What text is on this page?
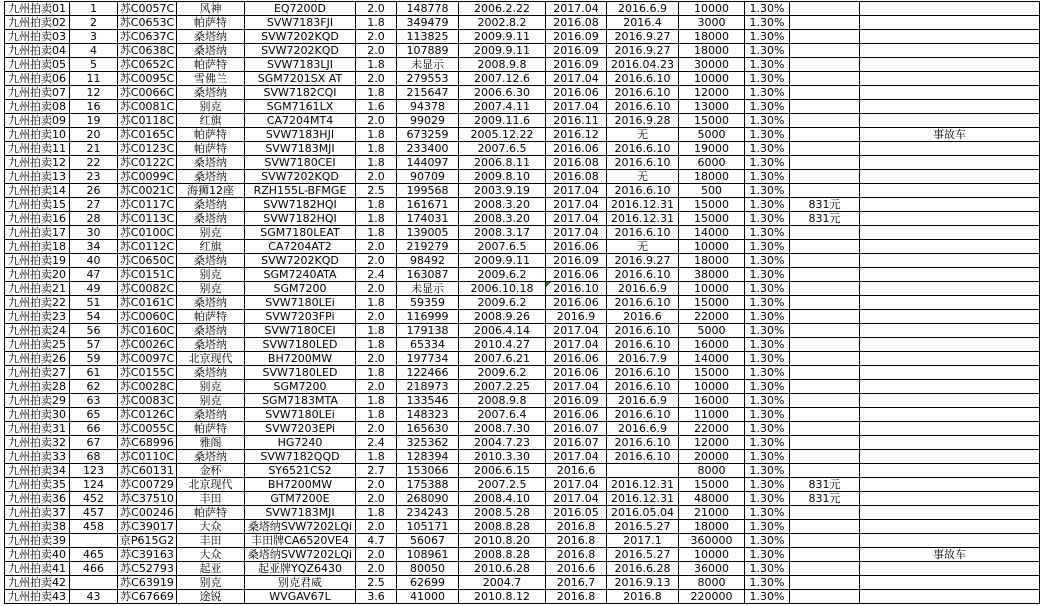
九州拍卖01	1	苏C0057C	风神	EQ7200D	2.0	148778	2006.2.22	2017.04	2016.6.9	10000	1.30%		
九州拍卖02	2	苏C0653C	帕萨特	SVW7183FJI	1.8	349479	2002.8.2	2016.08	2016.4	3000	1.30%		
九州拍卖03	3	苏C0637C	桑塔纳	SVW7202KQD	2.0	113825	2009.9.11	2016.09	2016.9.27	18000	1.30%		
九州拍卖04	4	苏C0638C	桑塔纳	SVW7202KQD	2.0	107889	2009.9.11	2016.09	2016.9.27	18000	1.30%		
九州拍卖05	5	苏C0652C	帕萨特	SVW7183LJI	1.8	未显示	2008.9.8	2016.09	2016.04.23	30000	1.30%		
九州拍卖06	11	苏C0095C	雪佛兰	SGM7201SX AT	2.0	279553	2007.12.6	2017.04	2016.6.10	10000	1.30%		
九州拍卖07	12	苏C0066C	桑塔纳	SVW7182CQI	1.8	215647	2006.6.30	2016.06	2016.6.10	12000	1.30%		
九州拍卖08	16	苏C0081C	别克	SGM7161LX	1.6	94378	2007.4.11	2017.04	2016.6.10	13000	1.30%		
九州拍卖09	19	苏C0118C	红旗	CA7204MT4	2.0	99029	2009.11.6	2016.11	2016.9.28	15000	1.30%		
九州拍卖10	20	苏C0165C	帕萨特	SVW7183HJI	1.8	673259	2005.12.22	2016.12	无	5000	1.30%		事故车
九州拍卖11	21	苏C0123C	帕萨特	SVW7183MJI	1.8	233400	2007.6.5	2016.06	2016.6.10	19000	1.30%		
九州拍卖12	22	苏C0122C	桑塔纳	SVW7180CEI	1.8	144097	2006.8.11	2016.08	2016.6.10	6000	1.30%		
九州拍卖13	23	苏C0099C	桑塔纳	SVW7202KQD	2.0	90709	2009.8.10	2016.08	无	18000	1.30%		
九州拍卖14	26	苏C0021C	海狮12座	RZH155L-BFMGE	2.5	199568	2003.9.19	2017.04	2016.6.10	500	1.30%		
九州拍卖15	27	苏C0117C	桑塔纳	SVW7182HQI	1.8	161671	2008.3.20	2017.04	2016.12.31	15000	1.30%	831元	
九州拍卖16	28	苏C0113C	桑塔纳	SVW7182HQI	1.8	174031	2008.3.20	2017.04	2016.12.31	15000	1.30%	831元	
九州拍卖17	30	苏C0100C	别克	SGM7180LEAT	1.8	139005	2008.3.17	2017.04	2016.6.10	14000	1.30%		
九州拍卖18	34	苏C0112C	红旗	CA7204AT2	2.0	219279	2007.6.5	2016.06	无	10000	1.30%		
九州拍卖19	40	苏C0650C	桑塔纳	SVW7202KQD	2.0	98492	2009.9.11	2016.09	2016.9.27	18000	1.30%		
九州拍卖20	47	苏C0151C	别克	SGM7240ATA	2.4	163087	2009.6.2	2016.06	2016.6.10	38000	1.30%		
九州拍卖21	49	苏C0082C	别克	SGM7200	2.0	未显示	2006.10.18	2016.10	2016.6.9	10000	1.30%		
九州拍卖22	51	苏C0161C	桑塔纳	SVW7180LEi	1.8	59359	2009.6.2	2016.06	2016.6.10	15000	1.30%		
九州拍卖23	54	苏C0060C	帕萨特	SVW7203FPi	2.0	116999	2008.9.26	2016.9	2016.6	22000	1.30%		
九州拍卖24	56	苏C0160C	桑塔纳	SVW7180CEI	1.8	179138	2006.4.14	2017.04	2016.6.10	5000	1.30%		
九州拍卖25	57	苏C0026C	桑塔纳	SVW7180LED	1.8	65334	2010.4.27	2017.04	2016.6.10	16000	1.30%		
九州拍卖26	59	苏C0097C	北京现代	BH7200MW	2.0	197734	2007.6.21	2016.06	2016.7.9	14000	1.30%		
九州拍卖27	61	苏C0155C	桑塔纳	SVW7180LED	1.8	122466	2009.6.2	2016.06	2016.6.10	15000	1.30%		
九州拍卖28	62	苏C0028C	别克	SGM7200	2.0	218973	2007.2.25	2017.04	2016.6.10	10000	1.30%		
九州拍卖29	63	苏C0083C	别克	SGM7183MTA	1.8	133546	2008.9.8	2016.09	2016.6.9	16000	1.30%		
九州拍卖30	65	苏C0126C	桑塔纳	SVW7180LEi	1.8	148323	2007.6.4	2016.06	2016.6.10	11000	1.30%		
九州拍卖31	66	苏C0055C	帕萨特	SVW7203EPi	2.0	165630	2008.7.30	2016.07	2016.6.9	22000	1.30%		
九州拍卖32	67	苏C68996	雅阁	HG7240	2.4	325362	2004.7.23	2016.07	2016.6.10	12000	1.30%		
九州拍卖33	68	苏C0110C	桑塔纳	SVW7182QQD	1.8	128394	2010.3.30	2017.04	2016.6.10	20000	1.30%		
九州拍卖34	123	苏C60131	金杯	SY6521CS2	2.7	153066	2006.6.15	2016.6		8000	1.30%		
九州拍卖35	124	苏C00729	北京现代	BH7200MW	2.0	175388	2007.2.5	2017.04	2016.12.31	15000	1.30%	831元	
九州拍卖36	452	苏C37510	丰田	GTM7200E	2.0	268090	2008.4.10	2017.04	2016.12.31	48000	1.30%	831元	
九州拍卖37	457	苏C00246	帕萨特	SVW7183MJI	1.8	234243	2008.5.28	2016.05	2016.05.04	21000	1.30%		
九州拍卖38	458	苏C39017	大众	桑塔纳SVW7202LQi	2.0	105171	2008.8.28	2016.8	2016.5.27	18000	1.30%		
九州拍卖39		京P615G2	丰田	丰田牌CA6520VE4	4.7	56067	2010.8.20	2016.8	2017.1	360000	1.30%		
九州拍卖40	465	苏C39163	大众	桑塔纳SVW7202LQi	2.0	108961	2008.8.28	2016.8	2016.5.27	10000	1.30%		事故车
九州拍卖41	466	苏C52793	起亚	起亚牌YQZ6430	2.0	80050	2010.6.28	2016.6	2016.6.28	36000	1.30%		
九州拍卖42		苏C63919	别克	别克君威	2.5	62699	2004.7	2016.7	2016.9.13	8000	1.30%		
九州拍卖43	43	苏C67669	途锐	WVGAV67L	3.6	41000	2010.8.12	2016.8	2016.8	220000	1.30%		
